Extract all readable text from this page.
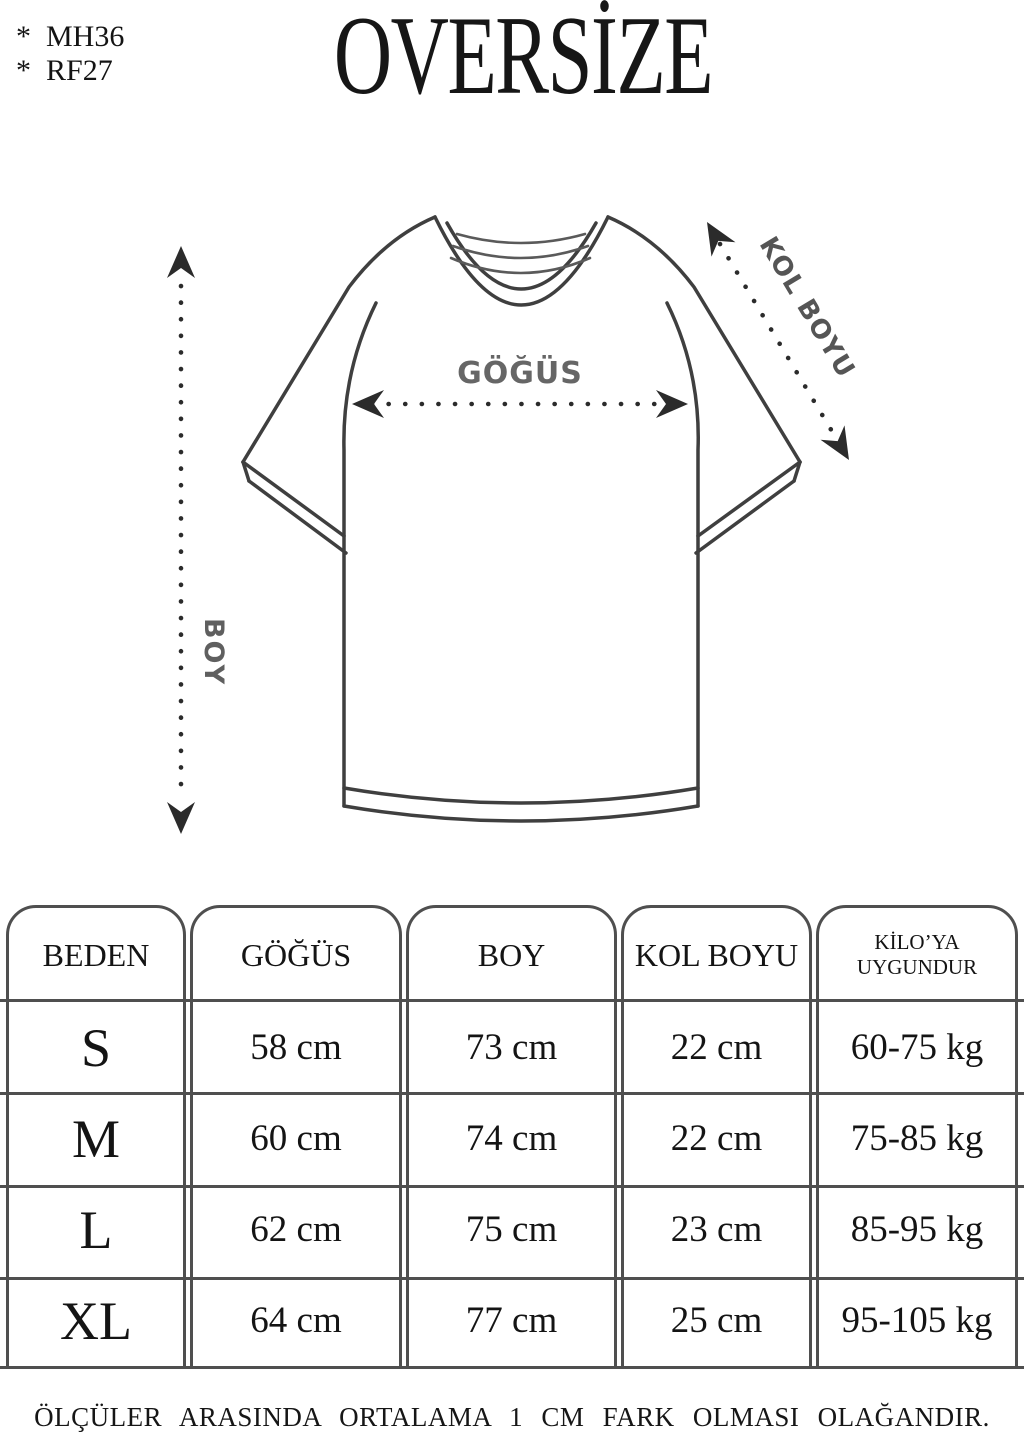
*  MH36
*  RF27	OVERSİZE
BOY
GÖĞÜS	KOL BOYU
BEDEN
S
M
L
XL
GÖĞÜS
58 cm
60 cm
62 cm
64 cm
BOY
73 cm
74 cm
75 cm
77 cm
KOL BOYU
22 cm
22 cm
23 cm
25 cm
KİLO’YA UYGUNDUR
60-75 kg
75-85 kg
85-95 kg
95-105 kg
ÖLÇÜLER ARASINDA ORTALAMA 1 CM FARK OLMASI OLAĞANDIR.
